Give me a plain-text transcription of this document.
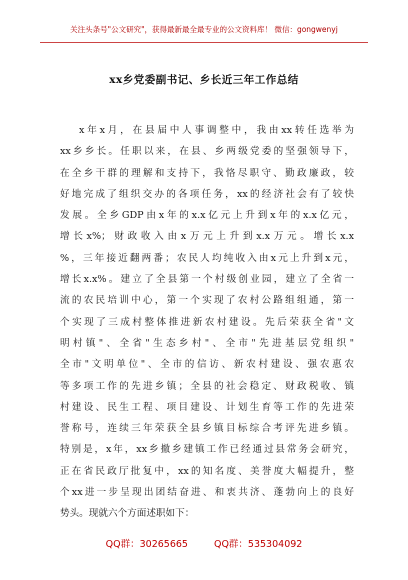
关注头条号"公文研究"，获得最新最全最专业的公文资料库！ 微信：gongwenyj
xx乡党委副书记、乡长近三年工作总结
x年x月，在县届中人事调整中，我由xx转任选举为
xx乡乡长。任职以来，在县、乡两级党委的坚强领导下，
在全乡干群的理解和支持下，我恪尽职守、勤政廉政，较
好地完成了组织交办的各项任务，xx的经济社会有了较快
发展。全乡GDP由x年的x.x亿元上升到x年的x.x亿元，
增长x%；财政收入由x万元上升到x.x万元。增长x.x
%，三年接近翻两番；农民人均纯收入由x元上升到x元，
增长x.x%。建立了全县第一个村级创业园，建立了全省一
流的农民培训中心，第一个实现了农村公路组组通，第一
个实现了三成村整体推进新农村建设。先后荣获全省"文
明村镇"、全省"生态乡村"、全市"先进基层党组织"
全市"文明单位"、全市的信访、新农村建设、强农惠农
等多项工作的先进乡镇；全县的社会稳定、财政税收、镇
村建设、民生工程、项目建设、计划生育等工作的先进荣
誉称号，连续三年荣获全县乡镇目标综合考评先进乡镇。
特别是，x年，xx乡撤乡建镇工作已经通过县常务会研究，
正在省民政厅批复中，xx的知名度、美誉度大幅提升，整
个xx进一步呈现出团结奋进、和衷共济、蓬勃向上的良好
势头。现就六个方面述职如下：
QQ群：30265665	QQ群：535304092
